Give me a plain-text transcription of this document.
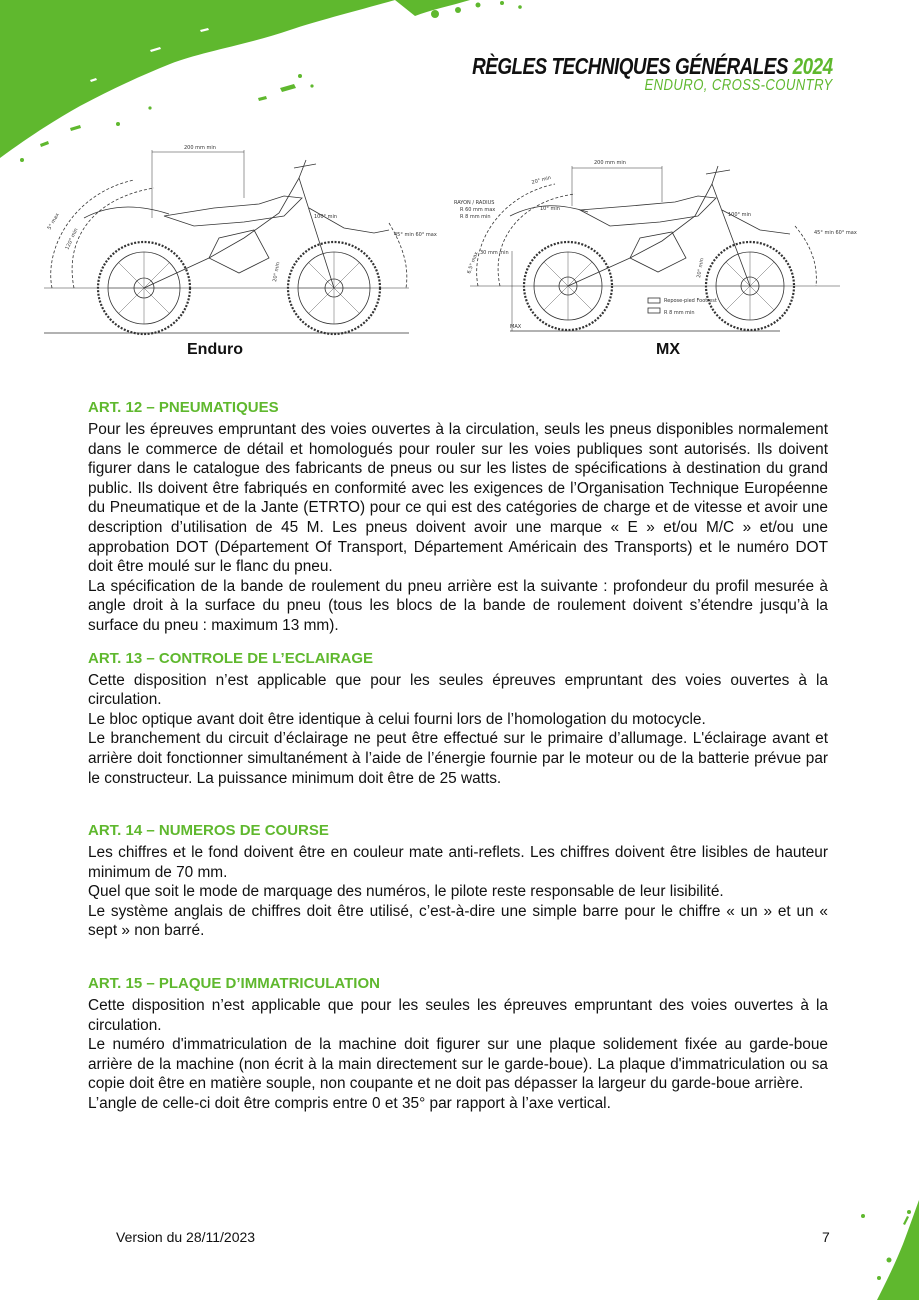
RÈGLES TECHNIQUES GÉNÉRALES 2024
ENDURO, CROSS-COUNTRY
200 mm min
5° max
120° min
100° min
45° min 60° max
20° min
Enduro
200 mm min
20° min
RAYON / RADIUS
R 60 mm max
R 8 mm min
6.5° max 30 mm min
10° min
100° min
45° min 60° max
20° min
MAX
Repose-pied Footrest
R 8 mm min
MX
ART. 12 – PNEUMATIQUES

Pour les épreuves empruntant des voies ouvertes à la circulation, seuls les pneus disponibles normalement dans le commerce de détail et homologués pour rouler sur les voies publiques sont autorisés. Ils doivent figurer dans le catalogue des fabricants de pneus ou sur les listes de spécifications à destination du grand public. Ils doivent être fabriqués en conformité avec les exigences de l’Organisation Technique Européenne du Pneumatique et de la Jante (ETRTO) pour ce qui est des catégories de charge et de vitesse et avoir une description d’utilisation de 45 M. Les pneus doivent avoir une marque « E » et/ou M/C » et/ou une approbation DOT (Département Of Transport, Département Américain des Transports) et le numéro DOT doit être moulé sur le flanc du pneu.

La spécification de la bande de roulement du pneu arrière est la suivante : profondeur du profil mesurée à angle droit à la surface du pneu (tous les blocs de la bande de roulement doivent s’étendre jusqu’à la surface du pneu : maximum 13 mm).

ART. 13 – CONTROLE DE L’ECLAIRAGE

Cette disposition n’est applicable que pour les seules épreuves empruntant des voies ouvertes à la circulation.

Le bloc optique avant doit être identique à celui fourni lors de l’homologation du motocycle.

Le branchement du circuit d’éclairage ne peut être effectué sur le primaire d’allumage. L'éclairage avant et arrière doit fonctionner simultanément à l’aide de l’énergie fournie par le moteur ou de la batterie prévue par le constructeur. La puissance minimum doit être de 25 watts.

ART. 14 – NUMEROS DE COURSE

Les chiffres et le fond doivent être en couleur mate anti-reflets. Les chiffres doivent être lisibles de hauteur minimum de 70 mm.

Quel que soit le mode de marquage des numéros, le pilote reste responsable de leur lisibilité.

Le système anglais de chiffres doit être utilisé, c’est-à-dire une simple barre pour le chiffre « un » et un « sept » non barré.

ART. 15 – PLAQUE D’IMMATRICULATION

Cette disposition n’est applicable que pour les seules les épreuves empruntant des voies ouvertes à la circulation.

Le numéro d'immatriculation de la machine doit figurer sur une plaque solidement fixée au garde-boue arrière de la machine (non écrit à la main directement sur le garde-boue). La plaque d'immatriculation ou sa copie doit être en matière souple, non coupante et ne doit pas dépasser la largeur du garde-boue arrière.

L’angle de celle-ci doit être compris entre 0 et 35° par rapport à l’axe vertical.

Version du 28/11/2023	7
